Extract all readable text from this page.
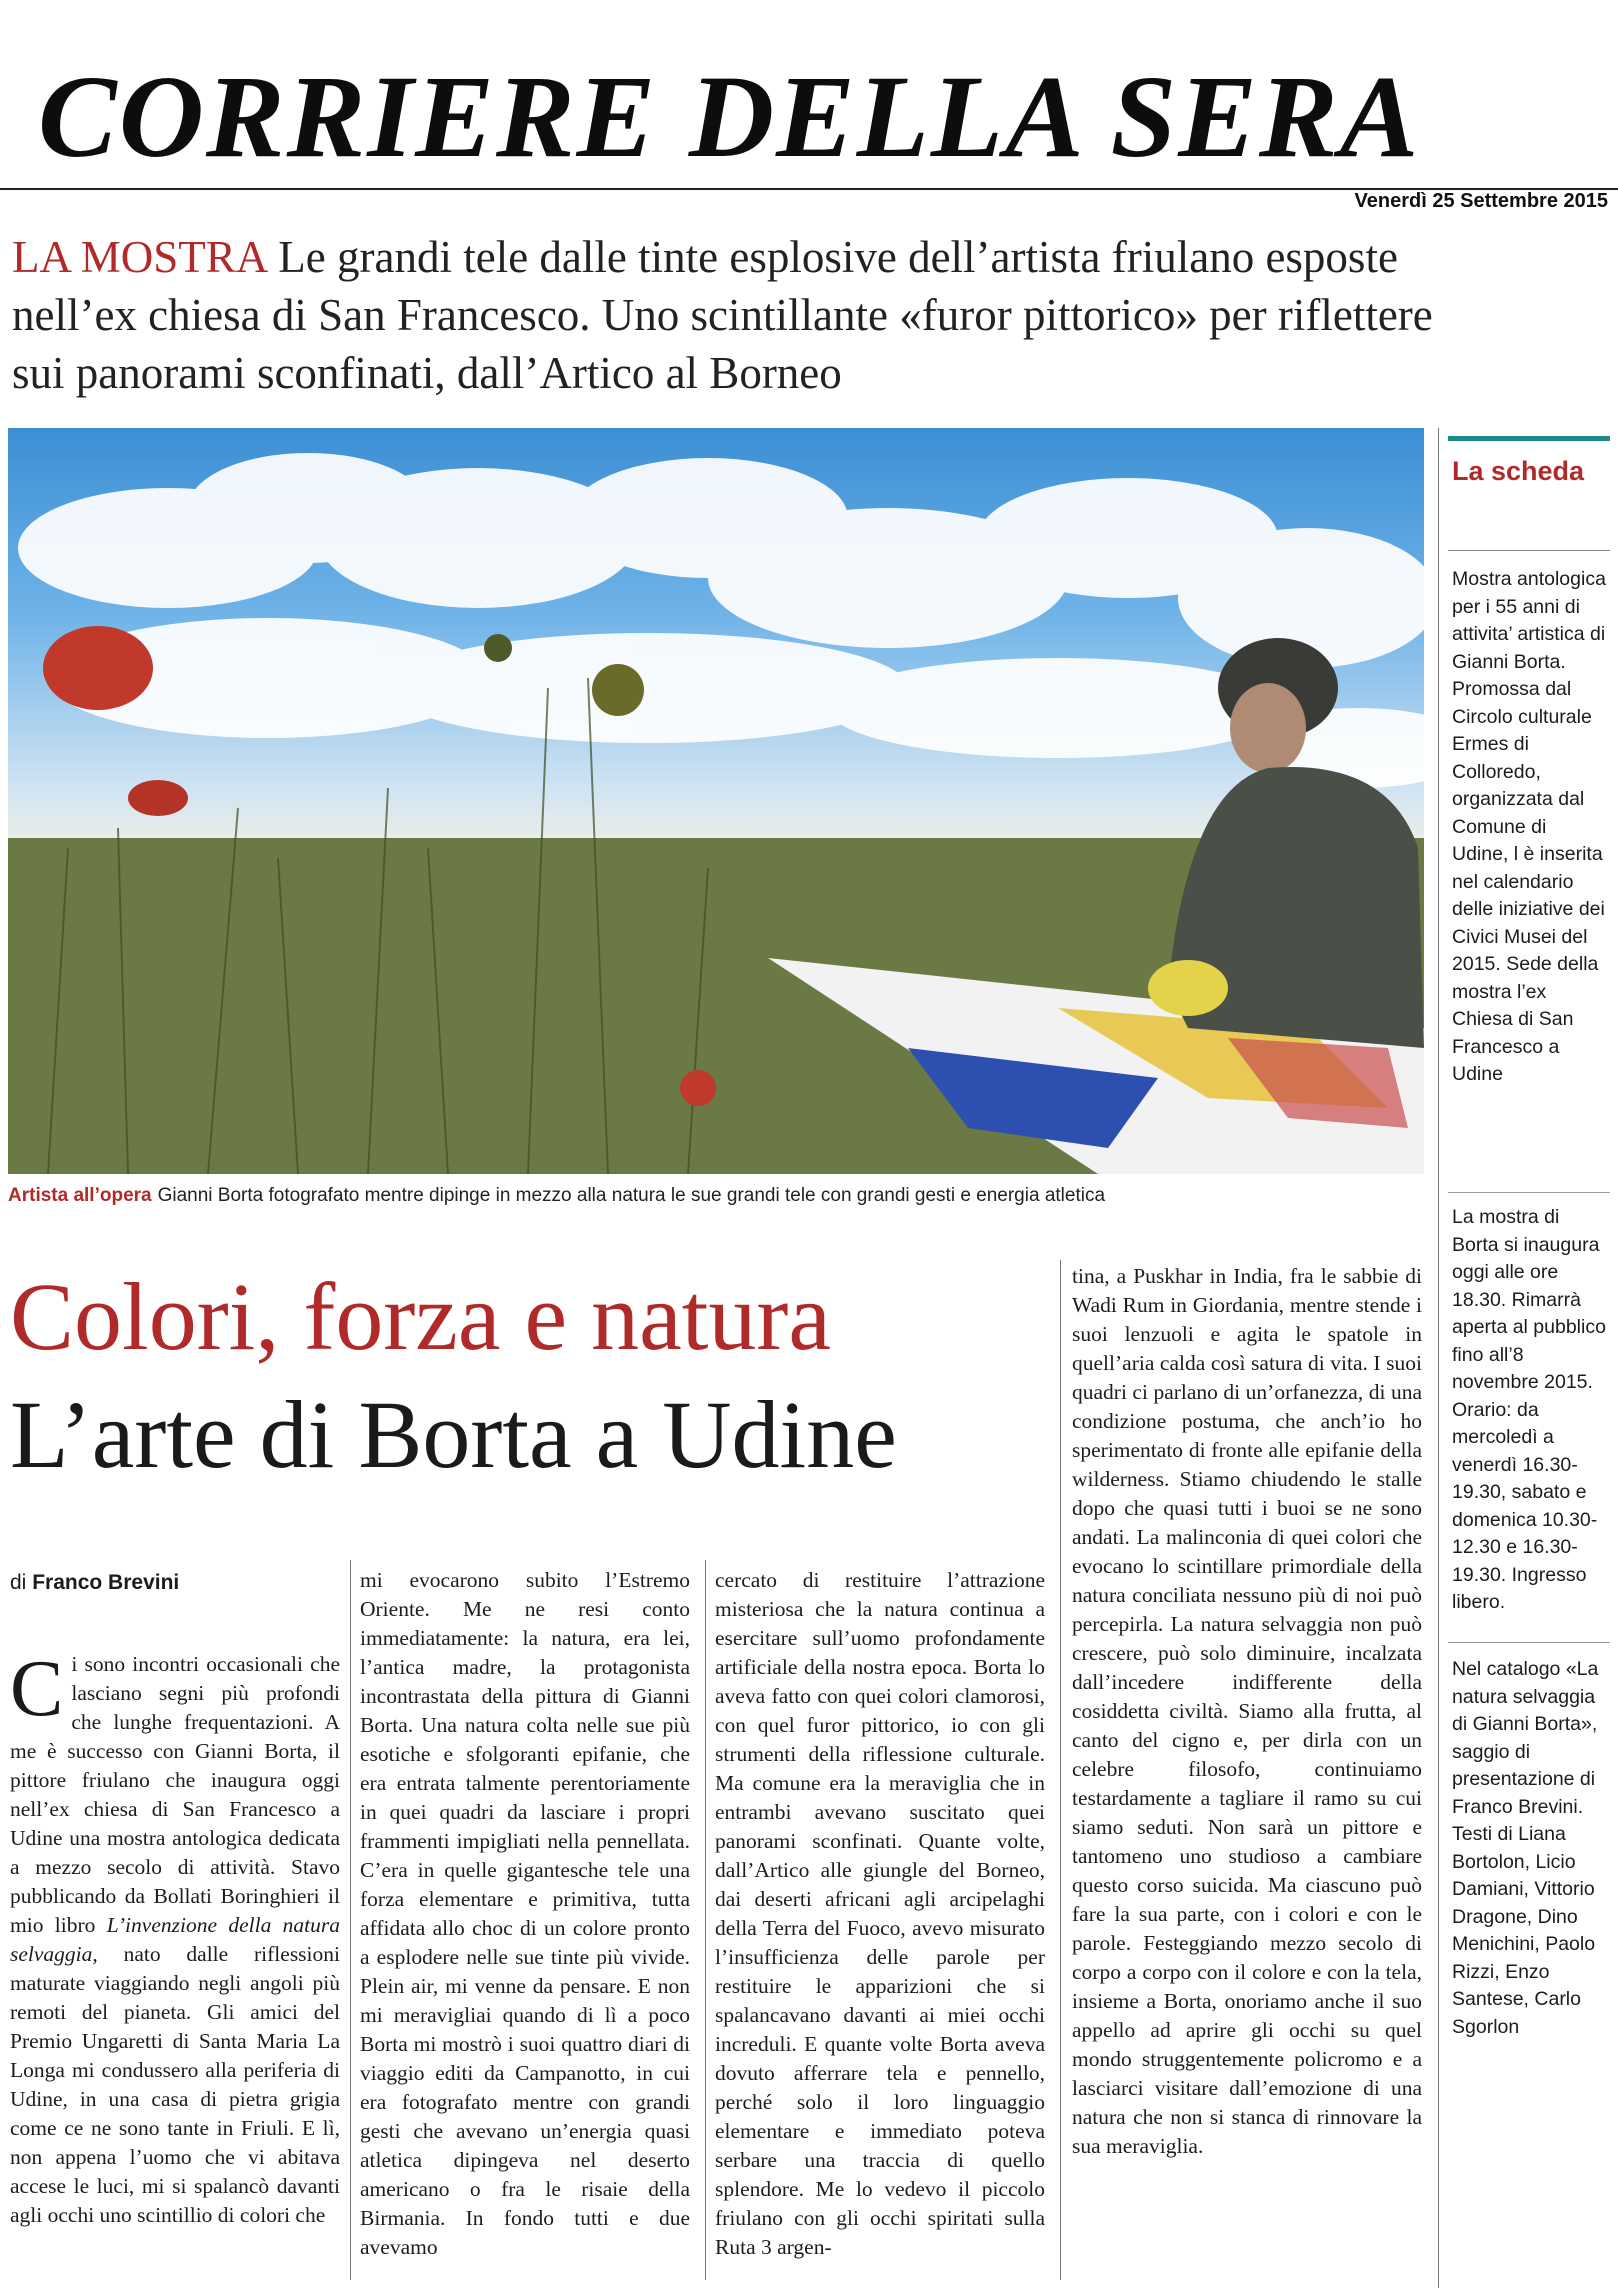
CORRIERE DELLA SERA
Venerdì 25 Settembre 2015
LA MOSTRA Le grandi tele dalle tinte esplosive dell’artista friulano esposte nell’ex chiesa di San Francesco. Uno scintillante «furor pittorico» per riflettere sui panorami sconfinati, dall’Artico al Borneo
Artista all’opera Gianni Borta fotografato mentre dipinge in mezzo alla natura le sue grandi tele con grandi gesti e energia atletica
Colori, forza e natura
L’arte di Borta a Udine
di Franco Brevini
Ci sono incontri occasionali che lasciano segni più profondi che lunghe frequentazioni. A me è successo con Gianni Borta, il pittore friulano che inaugura oggi nell’ex chiesa di San Francesco a Udine una mostra antologica dedicata a mezzo secolo di attività. Stavo pubblicando da Bollati Boringhieri il mio libro L’invenzione della natura selvaggia, nato dalle riflessioni maturate viaggiando negli angoli più remoti del pianeta. Gli amici del Premio Ungaretti di Santa Maria La Longa mi condussero alla periferia di Udine, in una casa di pietra grigia come ce ne sono tante in Friuli. E lì, non appena l’uomo che vi abitava accese le luci, mi si spalancò davanti agli occhi uno scintillio di colori che
mi evocarono subito l’Estremo Oriente. Me ne resi conto immediatamente: la natura, era lei, l’antica madre, la protagonista incontrastata della pittura di Gianni Borta. Una natura colta nelle sue più esotiche e sfolgoranti epifanie, che era entrata talmente perentoriamente in quei quadri da lasciare i propri frammenti impigliati nella pennellata. C’era in quelle gigantesche tele una forza elementare e primitiva, tutta affidata allo choc di un colore pronto a esplodere nelle sue tinte più vivide. Plein air, mi venne da pensare. E non mi meravigliai quando di lì a poco Borta mi mostrò i suoi quattro diari di viaggio editi da Campanotto, in cui era fotografato mentre con grandi gesti che avevano un’energia quasi atletica dipingeva nel deserto americano o fra le risaie della Birmania. In fondo tutti e due avevamo
cercato di restituire l’attrazione misteriosa che la natura continua a esercitare sull’uomo profondamente artificiale della nostra epoca. Borta lo aveva fatto con quei colori clamorosi, con quel furor pittorico, io con gli strumenti della riflessione culturale. Ma comune era la meraviglia che in entrambi avevano suscitato quei panorami sconfinati. Quante volte, dall’Artico alle giungle del Borneo, dai deserti africani agli arcipelaghi della Terra del Fuoco, avevo misurato l’insufficienza delle parole per restituire le apparizioni che si spalancavano davanti ai miei occhi increduli. E quante volte Borta aveva dovuto afferrare tela e pennello, perché solo il loro linguaggio elementare e immediato poteva serbare una traccia di quello splendore. Me lo vedevo il piccolo friulano con gli occhi spiritati sulla Ruta 3 argen-
tina, a Puskhar in India, fra le sabbie di Wadi Rum in Giordania, mentre stende i suoi lenzuoli e agita le spatole in quell’aria calda così satura di vita. I suoi quadri ci parlano di un’orfanezza, di una condizione postuma, che anch’io ho sperimentato di fronte alle epifanie della wilderness. Stiamo chiudendo le stalle dopo che quasi tutti i buoi se ne sono andati. La malinconia di quei colori che evocano lo scintillare primordiale della natura conciliata nessuno più di noi può percepirla. La natura selvaggia non può crescere, può solo diminuire, incalzata dall’incedere indifferente della cosiddetta civiltà. Siamo alla frutta, al canto del cigno e, per dirla con un celebre filosofo, continuiamo testardamente a tagliare il ramo su cui siamo seduti. Non sarà un pittore e tantomeno uno studioso a cambiare questo corso suicida. Ma ciascuno può fare la sua parte, con i colori e con le parole. Festeggiando mezzo secolo di corpo a corpo con il colore e con la tela, insieme a Borta, onoriamo anche il suo appello ad aprire gli occhi su quel mondo struggentemente policromo e a lasciarci visitare dall’emozione di una natura che non si stanca di rinnovare la sua meraviglia.
La scheda
Mostra antologica per i 55 anni di attivita’ artistica di Gianni Borta. Promossa dal Circolo culturale Ermes di Colloredo, organizzata dal Comune di Udine, l è inserita nel calendario delle iniziative dei Civici Musei del 2015. Sede della mostra l’ex Chiesa di San Francesco a Udine
La mostra di Borta si inaugura oggi alle ore 18.30. Rimarrà aperta al pubblico fino all’8 novembre 2015. Orario: da mercoledì a venerdì 16.30-19.30, sabato e domenica 10.30-12.30 e 16.30-19.30. Ingresso libero.
Nel catalogo «La natura selvaggia di Gianni Borta», saggio di presentazione di Franco Brevini. Testi di Liana Bortolon, Licio Damiani, Vittorio Dragone, Dino Menichini, Paolo Rizzi, Enzo Santese, Carlo Sgorlon
